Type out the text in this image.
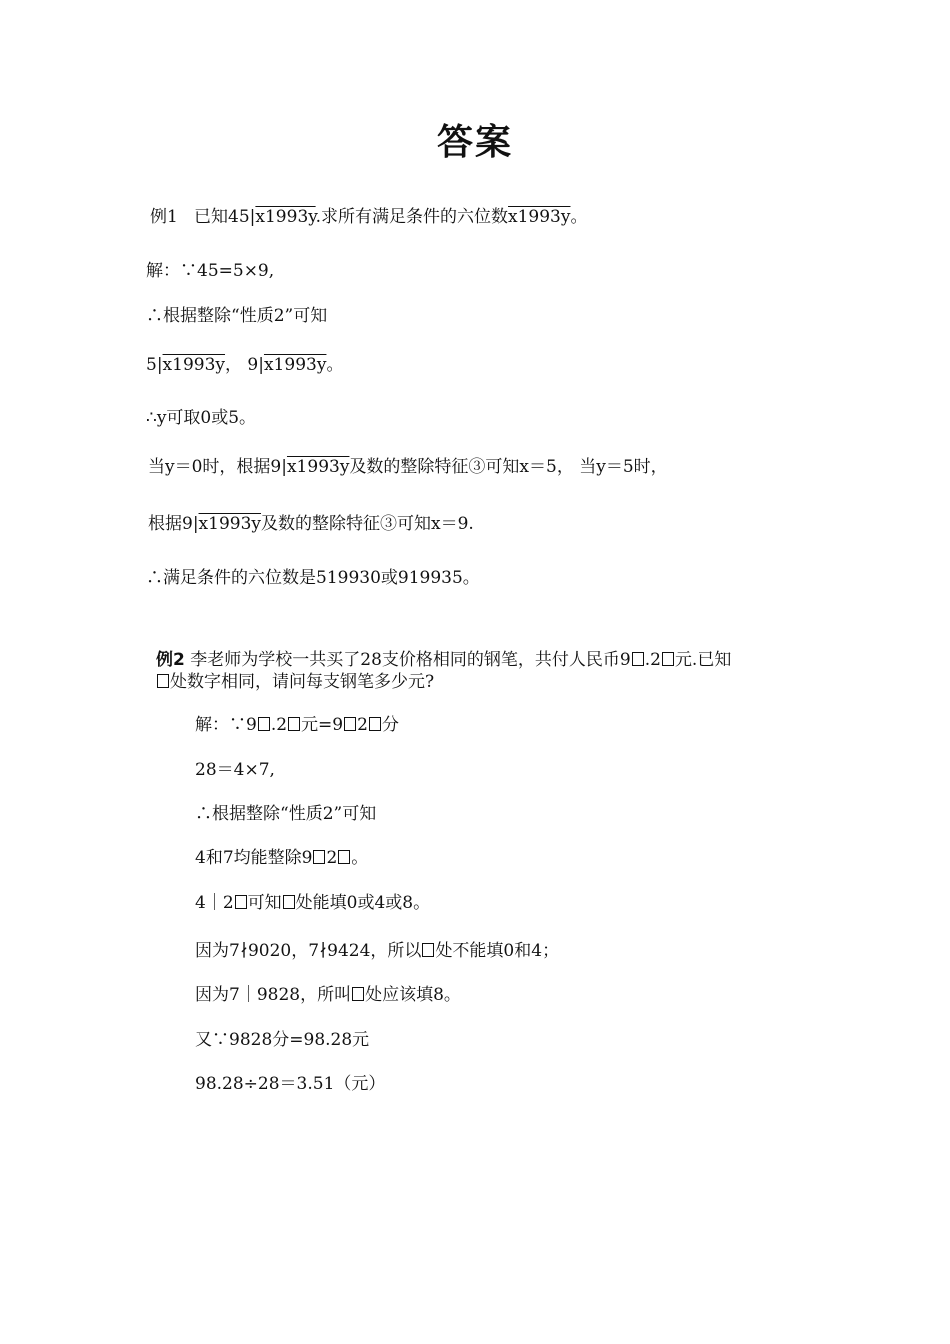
答案
例1 已知45|x1993y.求所有满足条件的六位数x1993y。
解：∵45=5×9,
∴根据整除“性质2”可知
5|x1993y， 9|x1993y。
∴y可取0或5。
当y＝0时，根据9|x1993y及数的整除特征③可知x＝5， 当y＝5时，
根据9|x1993y及数的整除特征③可知x＝9.
∴满足条件的六位数是519930或919935。
例2 李老师为学校一共买了28支价格相同的钢笔，共付人民币9 .2 元.已知
处数字相同，请问每支钢笔多少元?
解：∵9 .2 元=9 2 分
28＝4×7,
∴根据整除“性质2”可知
4和7均能整除9 2 。
4｜2 可知 处能填0或4或8。
因为7∤9020，7∤9424，所以 处不能填0和4；
因为7｜9828，所叫 处应该填8。
又∵9828分=98.28元
98.28÷28＝3.51（元）
